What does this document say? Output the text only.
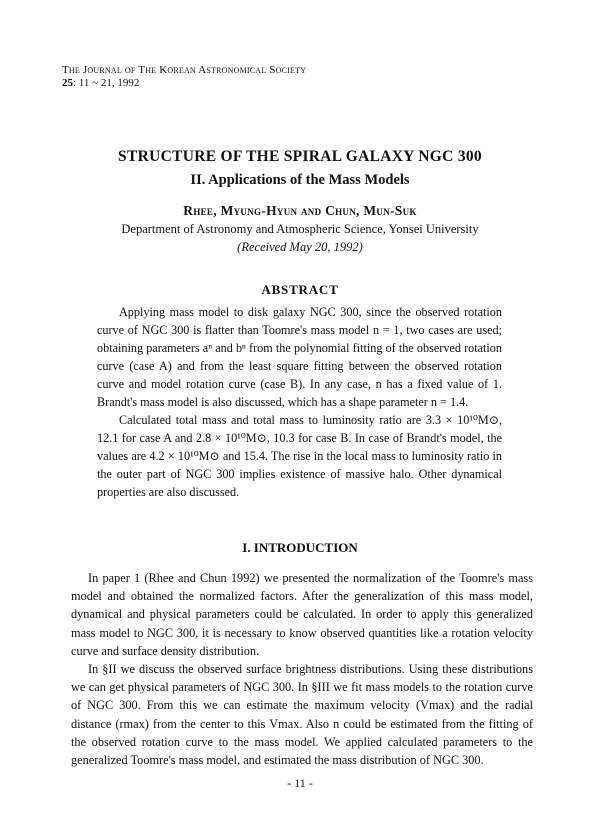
The Journal of The Korean Astronomical Society
25: 11 ~ 21, 1992
STRUCTURE OF THE SPIRAL GALAXY NGC 300
II. Applications of the Mass Models
Rhee, Myung-Hyun and Chun, Mun-Suk
Department of Astronomy and Atmospheric Science, Yonsei University
(Received May 20, 1992)
ABSTRACT

Applying mass model to disk galaxy NGC 300, since the observed rotation curve of NGC 300 is flatter than Toomre's mass model n = 1, two cases are used; obtaining parameters aⁿ and bⁿ from the polynomial fitting of the observed rotation curve (case A) and from the least square fitting between the observed rotation curve and model rotation curve (case B). In any case, n has a fixed value of 1. Brandt's mass model is also discussed, which has a shape parameter n = 1.4.

Calculated total mass and total mass to luminosity ratio are 3.3 × 10¹⁰M⊙, 12.1 for case A and 2.8 × 10¹⁰M⊙, 10.3 for case B. In case of Brandt's model, the values are 4.2 × 10¹⁰M⊙ and 15.4. The rise in the local mass to luminosity ratio in the outer part of NGC 300 implies existence of massive halo. Other dynamical properties are also discussed.

I. INTRODUCTION

In paper 1 (Rhee and Chun 1992) we presented the normalization of the Toomre's mass model and obtained the normalized factors. After the generalization of this mass model, dynamical and physical parameters could be calculated. In order to apply this generalized mass model to NGC 300, it is necessary to know observed quantities like a rotation velocity curve and surface density distribution.

In §II we discuss the observed surface brightness distributions. Using these distributions we can get physical parameters of NGC 300. In §III we fit mass models to the rotation curve of NGC 300. From this we can estimate the maximum velocity (Vmax) and the radial distance (rmax) from the center to this Vmax. Also n could be estimated from the fitting of the observed rotation curve to the mass model. We applied calculated parameters to the generalized Toomre's mass model, and estimated the mass distribution of NGC 300.

- 11 -
